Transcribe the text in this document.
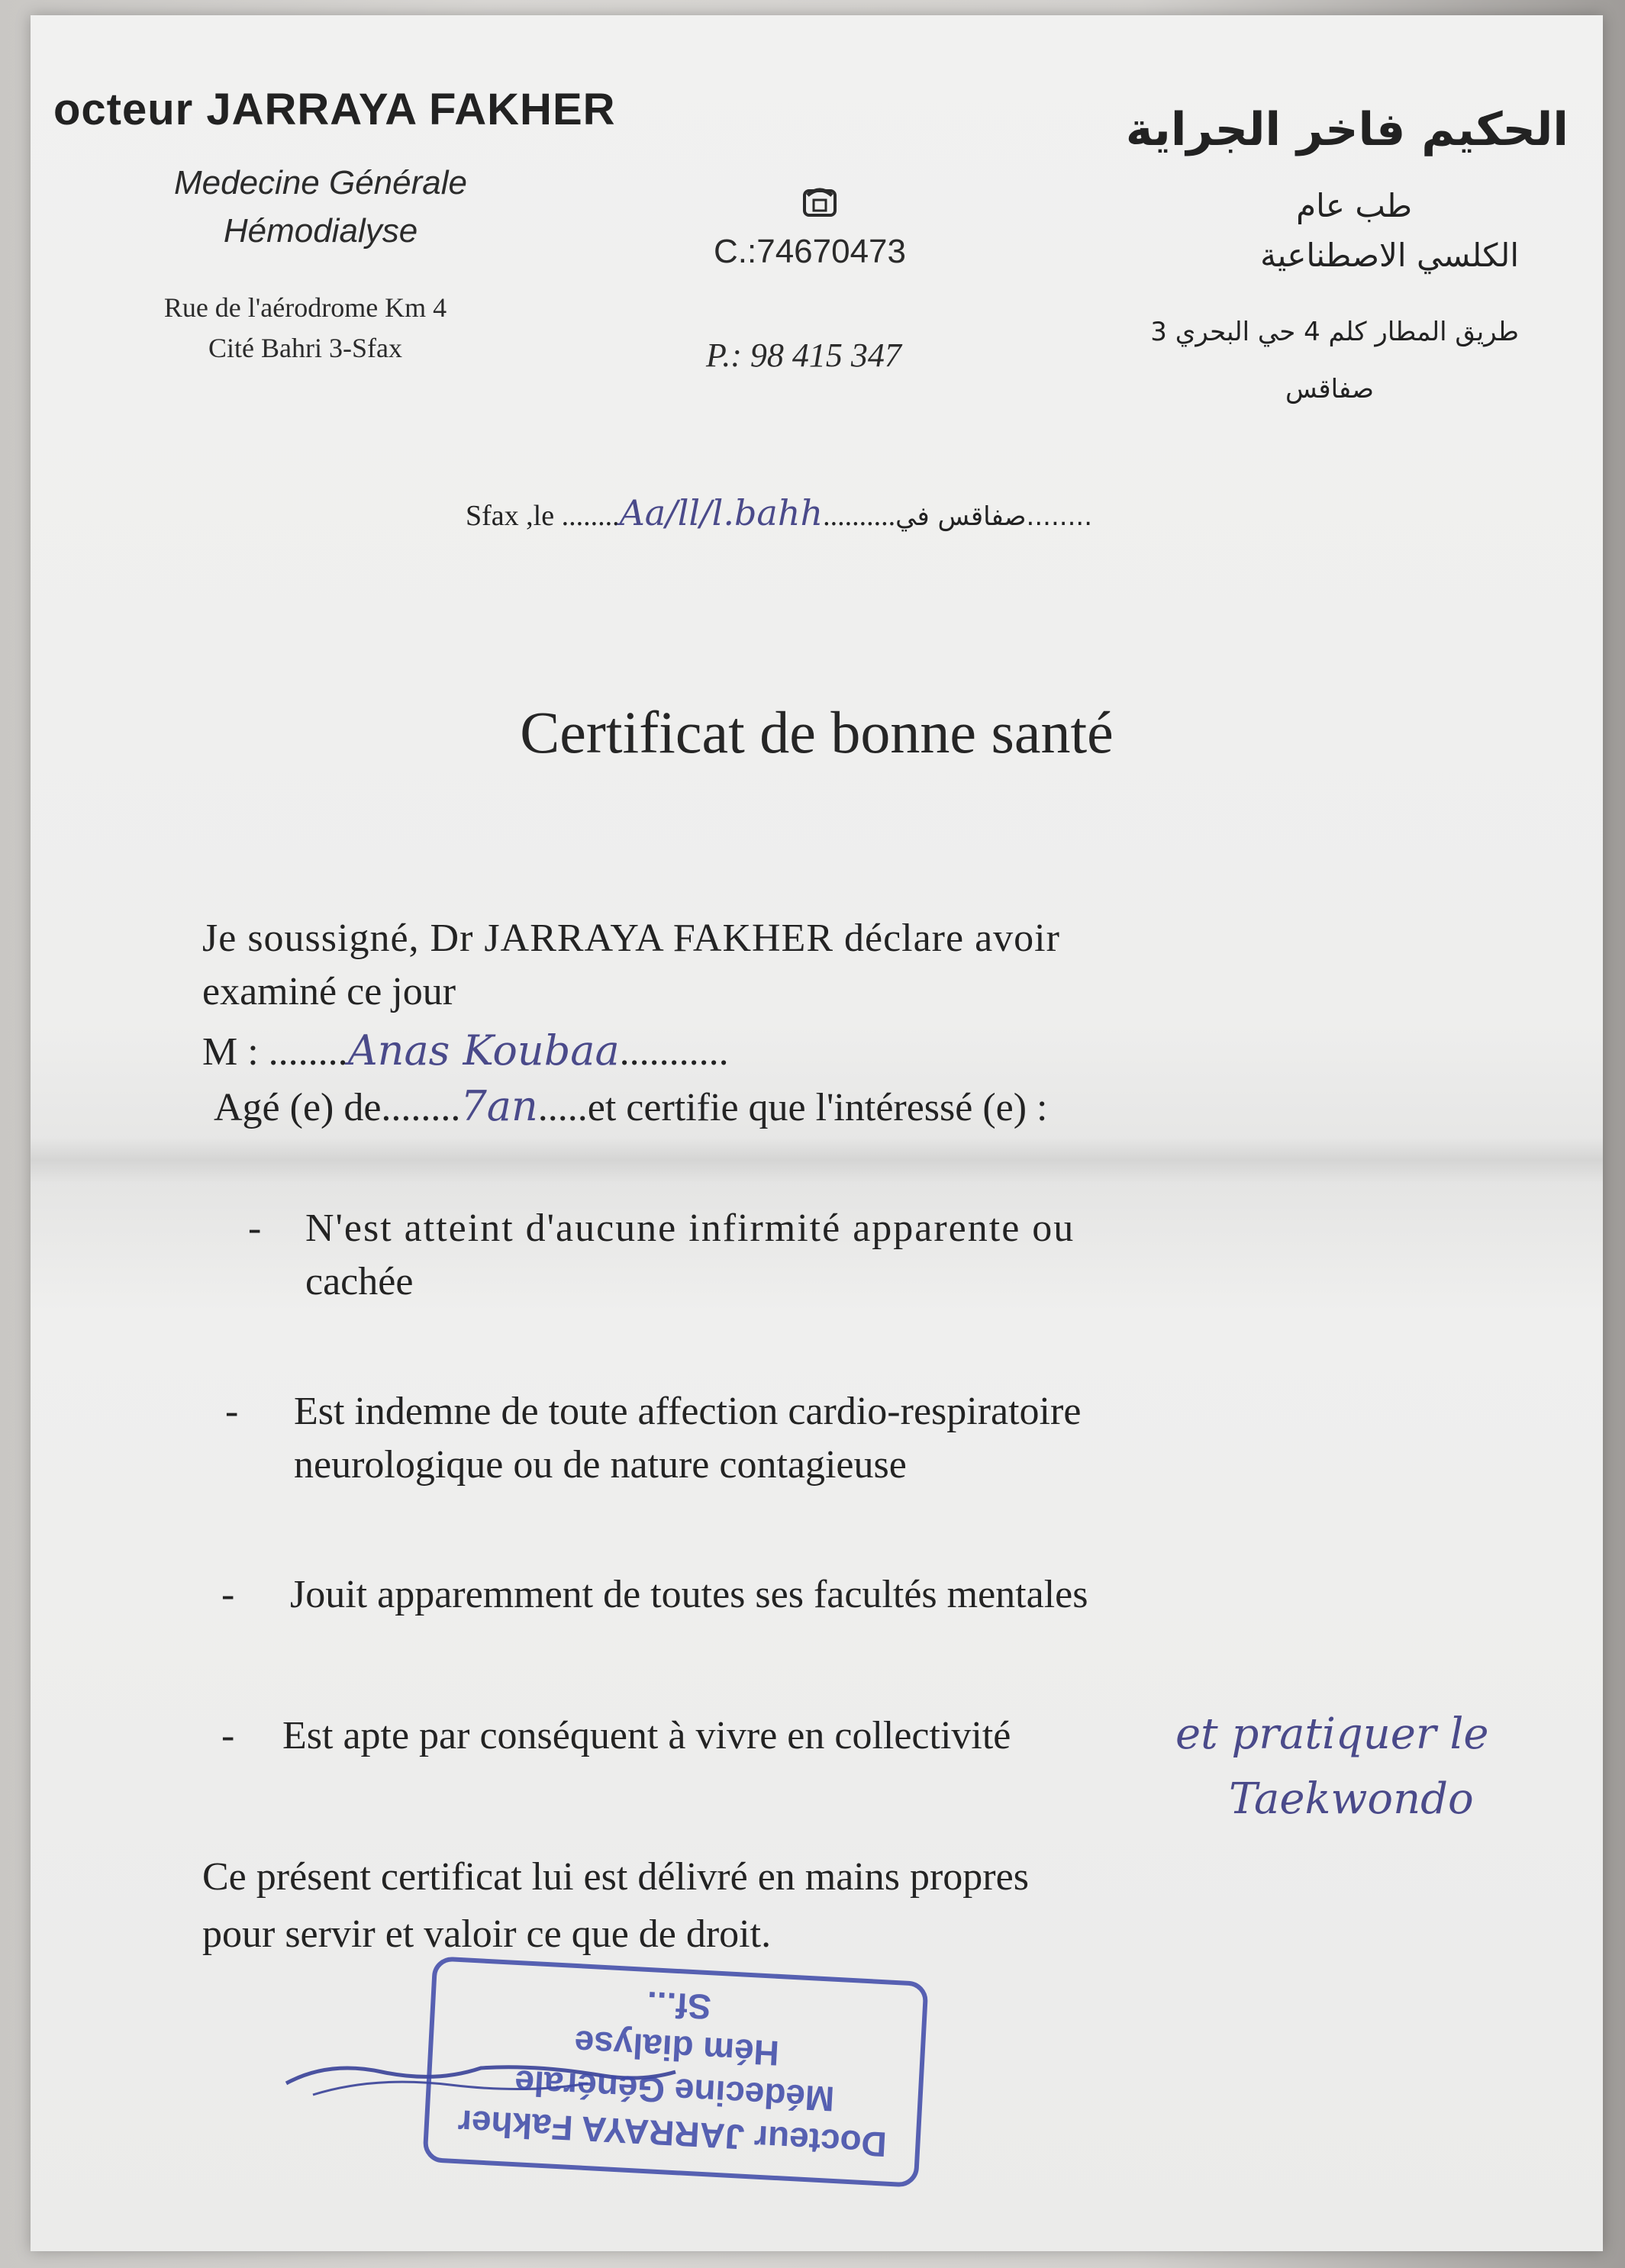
octeur JARRAYA FAKHER

Medecine Générale

Hémodialyse

Rue de l'aérodrome Km 4

Cité Bahri 3-Sfax

C.:74670473

P.: 98 415 347

الحكيم فاخر الجراية

طب عام

الكلسي الاصطناعية

طريق المطار كلم 4 حي البحري 3

صفاقس

Sfax ,le ........Aa/ll/l.bahh..........صفاقس في........

Certificat de bonne santé

Je soussigné, Dr JARRAYA FAKHER déclare avoir

examiné ce jour

M : ........Anas Koubaa...........
Agé (e) de........7an.....et certifie que l'intéressé (e) :

- N'est atteint d'aucune infirmité apparente ou

cachée

- Est indemne de toute affection cardio-respiratoire

neurologique ou de nature contagieuse

- Jouit apparemment de toutes ses facultés mentales

- Est apte par conséquent à vivre en collectivité	et pratiquer le

Taekwondo

Ce présent certificat lui est délivré en mains propres

pour servir et valoir ce que de droit.

Docteur JARRAYA Fakher
Médecine Générale
Hém dialyse
Sf...
